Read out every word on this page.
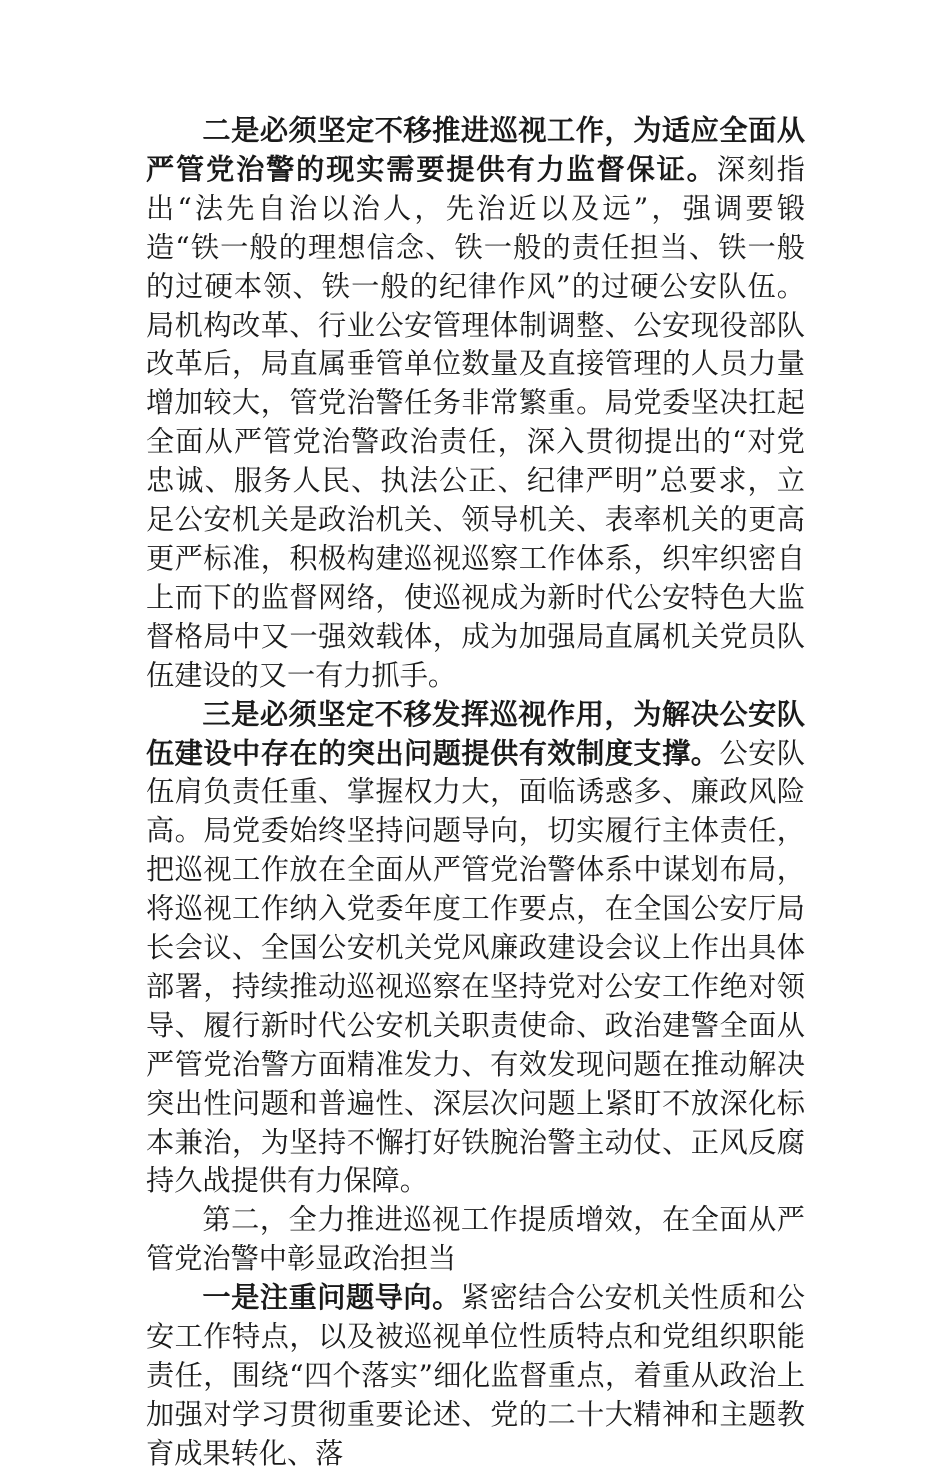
二是必须坚定不移推进巡视工作，为适应全面从严管党治警的现实需要提供有力监督保证。深刻指出“法先自治以治人，先治近以及远”，强调要锻造“铁一般的理想信念、铁一般的责任担当、铁一般的过硬本领、铁一般的纪律作风”的过硬公安队伍。局机构改革、行业公安管理体制调整、公安现役部队改革后，局直属垂管单位数量及直接管理的人员力量增加较大，管党治警任务非常繁重。局党委坚决扛起全面从严管党治警政治责任，深入贯彻提出的“对党忠诚、服务人民、执法公正、纪律严明”总要求，立足公安机关是政治机关、领导机关、表率机关的更高更严标准，积极构建巡视巡察工作体系，织牢织密自上而下的监督网络，使巡视成为新时代公安特色大监督格局中又一强效载体，成为加强局直属机关党员队伍建设的又一有力抓手。

三是必须坚定不移发挥巡视作用，为解决公安队伍建设中存在的突出问题提供有效制度支撑。公安队伍肩负责任重、掌握权力大，面临诱惑多、廉政风险高。局党委始终坚持问题导向，切实履行主体责任，把巡视工作放在全面从严管党治警体系中谋划布局，将巡视工作纳入党委年度工作要点，在全国公安厅局长会议、全国公安机关党风廉政建设会议上作出具体部署，持续推动巡视巡察在坚持党对公安工作绝对领导、履行新时代公安机关职责使命、政治建警全面从严管党治警方面精准发力、有效发现问题在推动解决突出性问题和普遍性、深层次问题上紧盯不放深化标本兼治，为坚持不懈打好铁腕治警主动仗、正风反腐持久战提供有力保障。

第二，全力推进巡视工作提质增效，在全面从严管党治警中彰显政治担当

一是注重问题导向。紧密结合公安机关性质和公安工作特点，以及被巡视单位性质特点和党组织职能责任，围绕“四个落实”细化监督重点，着重从政治上加强对学习贯彻重要论述、党的二十大精神和主题教育成果转化、落
